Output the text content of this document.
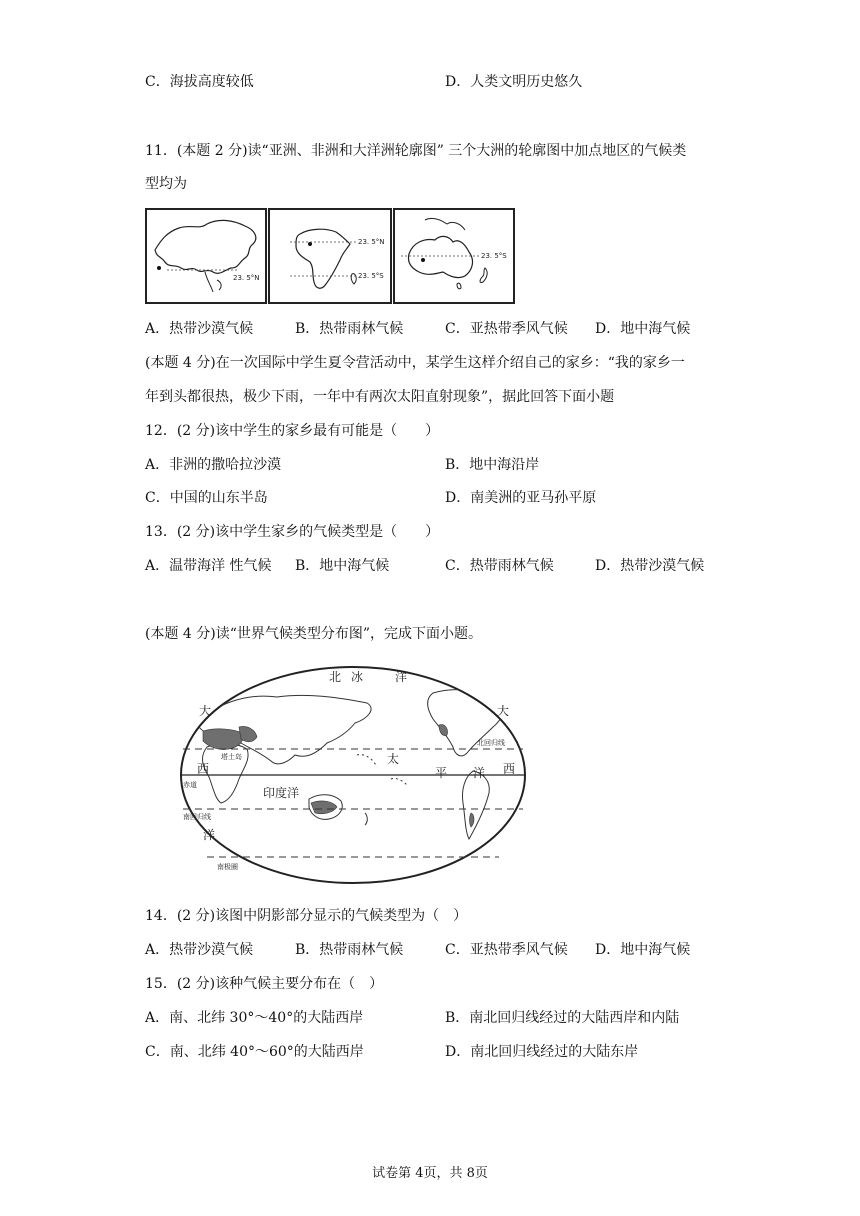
C．海拔高度较低	D．人类文明历史悠久
11．(本题 2 分)读“亚洲、非洲和大洋洲轮廓图” 三个大洲的轮廓图中加点地区的气候类
型均为
23. 5°N
23. 5°N
23. 5°S
23. 5°S
A．热带沙漠气候	B．热带雨林气候	C．亚热带季风气候 D．地中海气候
(本题 4 分)在一次国际中学生夏令营活动中，某学生这样介绍自己的家乡：“我的家乡一
年到头都很热，极少下雨，一年中有两次太阳直射现象”，据此回答下面小题
12．(2 分)该中学生的家乡最有可能是（　　）
A．非洲的撒哈拉沙漠	B．地中海沿岸
C．中国的山东半岛	D．南美洲的亚马孙平原
13．(2 分)该中学生家乡的气候类型是（　　）
A．温带海洋 性气候 B．地中海气候	C．热带雨林气候	D．热带沙漠气候
(本题 4 分)读“世界气候类型分布图”，完成下面小题。
北 冰	洋
大	大
西	西
太
平 洋
印度洋
洋
北回归线
赤道
南回归线
南极圈
塔土岛
14．(2 分)该图中阴影部分显示的气候类型为（　）
A．热带沙漠气候	B．热带雨林气候	C．亚热带季风气候 D．地中海气候
15．(2 分)该种气候主要分布在（　）
A．南、北纬 30°～40°的大陆西岸	B．南北回归线经过的大陆西岸和内陆
C．南、北纬 40°～60°的大陆西岸	D．南北回归线经过的大陆东岸
试卷第 4页，共 8页
